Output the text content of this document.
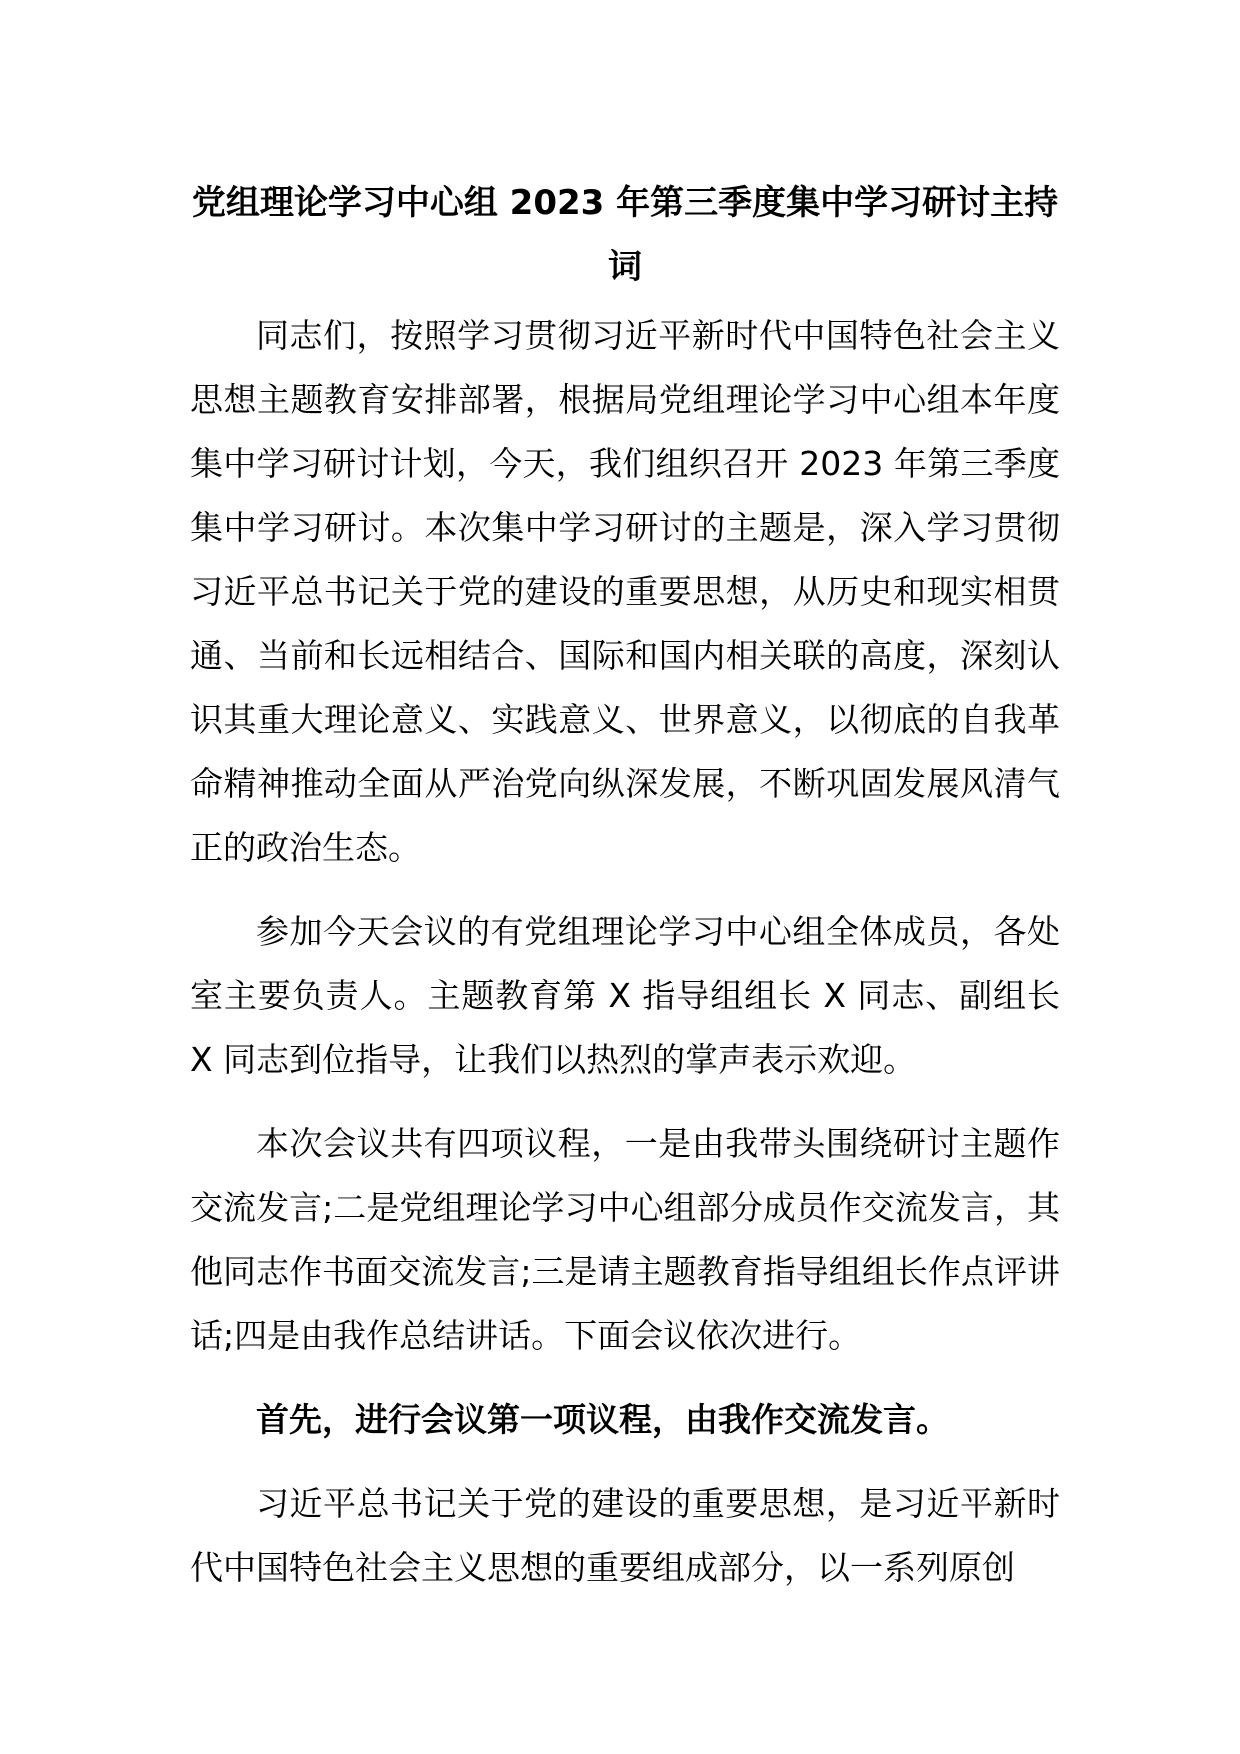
党组理论学习中心组 2023 年第三季度集中学习研讨主持词

同志们，按照学习贯彻习近平新时代中国特色社会主义思想主题教育安排部署，根据局党组理论学习中心组本年度集中学习研讨计划，今天，我们组织召开 2023 年第三季度集中学习研讨。本次集中学习研讨的主题是，深入学习贯彻习近平总书记关于党的建设的重要思想，从历史和现实相贯通、当前和长远相结合、国际和国内相关联的高度，深刻认识其重大理论意义、实践意义、世界意义，以彻底的自我革命精神推动全面从严治党向纵深发展，不断巩固发展风清气正的政治生态。

参加今天会议的有党组理论学习中心组全体成员，各处室主要负责人。主题教育第 X 指导组组长 X 同志、副组长 X 同志到位指导，让我们以热烈的掌声表示欢迎。

本次会议共有四项议程，一是由我带头围绕研讨主题作交流发言;二是党组理论学习中心组部分成员作交流发言，其他同志作书面交流发言;三是请主题教育指导组组长作点评讲话;四是由我作总结讲话。下面会议依次进行。

首先，进行会议第一项议程，由我作交流发言。

习近平总书记关于党的建设的重要思想，是习近平新时代中国特色社会主义思想的重要组成部分，以一系列原创
